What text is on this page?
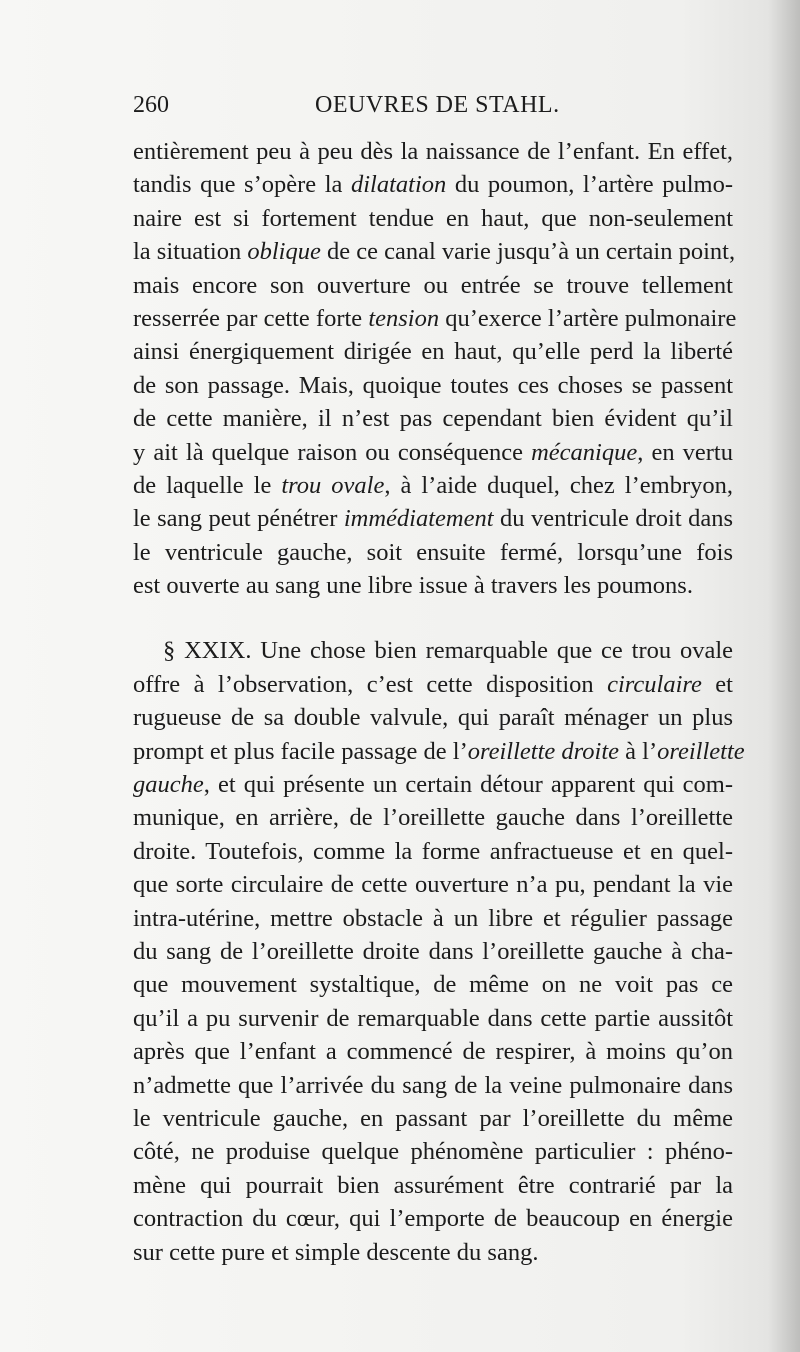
260	OEUVRES DE STAHL.
entièrement peu à peu dès la naissance de l’enfant. En effet,
tandis que s’opère la dilatation du poumon, l’artère pulmo-
naire est si fortement tendue en haut, que non-seulement
la situation oblique de ce canal varie jusqu’à un certain point,
mais encore son ouverture ou entrée se trouve tellement
resserrée par cette forte tension qu’exerce l’artère pulmonaire
ainsi énergiquement dirigée en haut, qu’elle perd la liberté
de son passage. Mais, quoique toutes ces choses se passent
de cette manière, il n’est pas cependant bien évident qu’il
y ait là quelque raison ou conséquence mécanique, en vertu
de laquelle le trou ovale, à l’aide duquel, chez l’embryon,
le sang peut pénétrer immédiatement du ventricule droit dans
le ventricule gauche, soit ensuite fermé, lorsqu’une fois
est ouverte au sang une libre issue à travers les poumons.
§ XXIX. Une chose bien remarquable que ce trou ovale
offre à l’observation, c’est cette disposition circulaire et
rugueuse de sa double valvule, qui paraît ménager un plus
prompt et plus facile passage de l’oreillette droite à l’oreillette
gauche, et qui présente un certain détour apparent qui com-
munique, en arrière, de l’oreillette gauche dans l’oreillette
droite. Toutefois, comme la forme anfractueuse et en quel-
que sorte circulaire de cette ouverture n’a pu, pendant la vie
intra-utérine, mettre obstacle à un libre et régulier passage
du sang de l’oreillette droite dans l’oreillette gauche à cha-
que mouvement systaltique, de même on ne voit pas ce
qu’il a pu survenir de remarquable dans cette partie aussitôt
après que l’enfant a commencé de respirer, à moins qu’on
n’admette que l’arrivée du sang de la veine pulmonaire dans
le ventricule gauche, en passant par l’oreillette du même
côté, ne produise quelque phénomène particulier : phéno-
mène qui pourrait bien assurément être contrarié par la
contraction du cœur, qui l’emporte de beaucoup en énergie
sur cette pure et simple descente du sang.
